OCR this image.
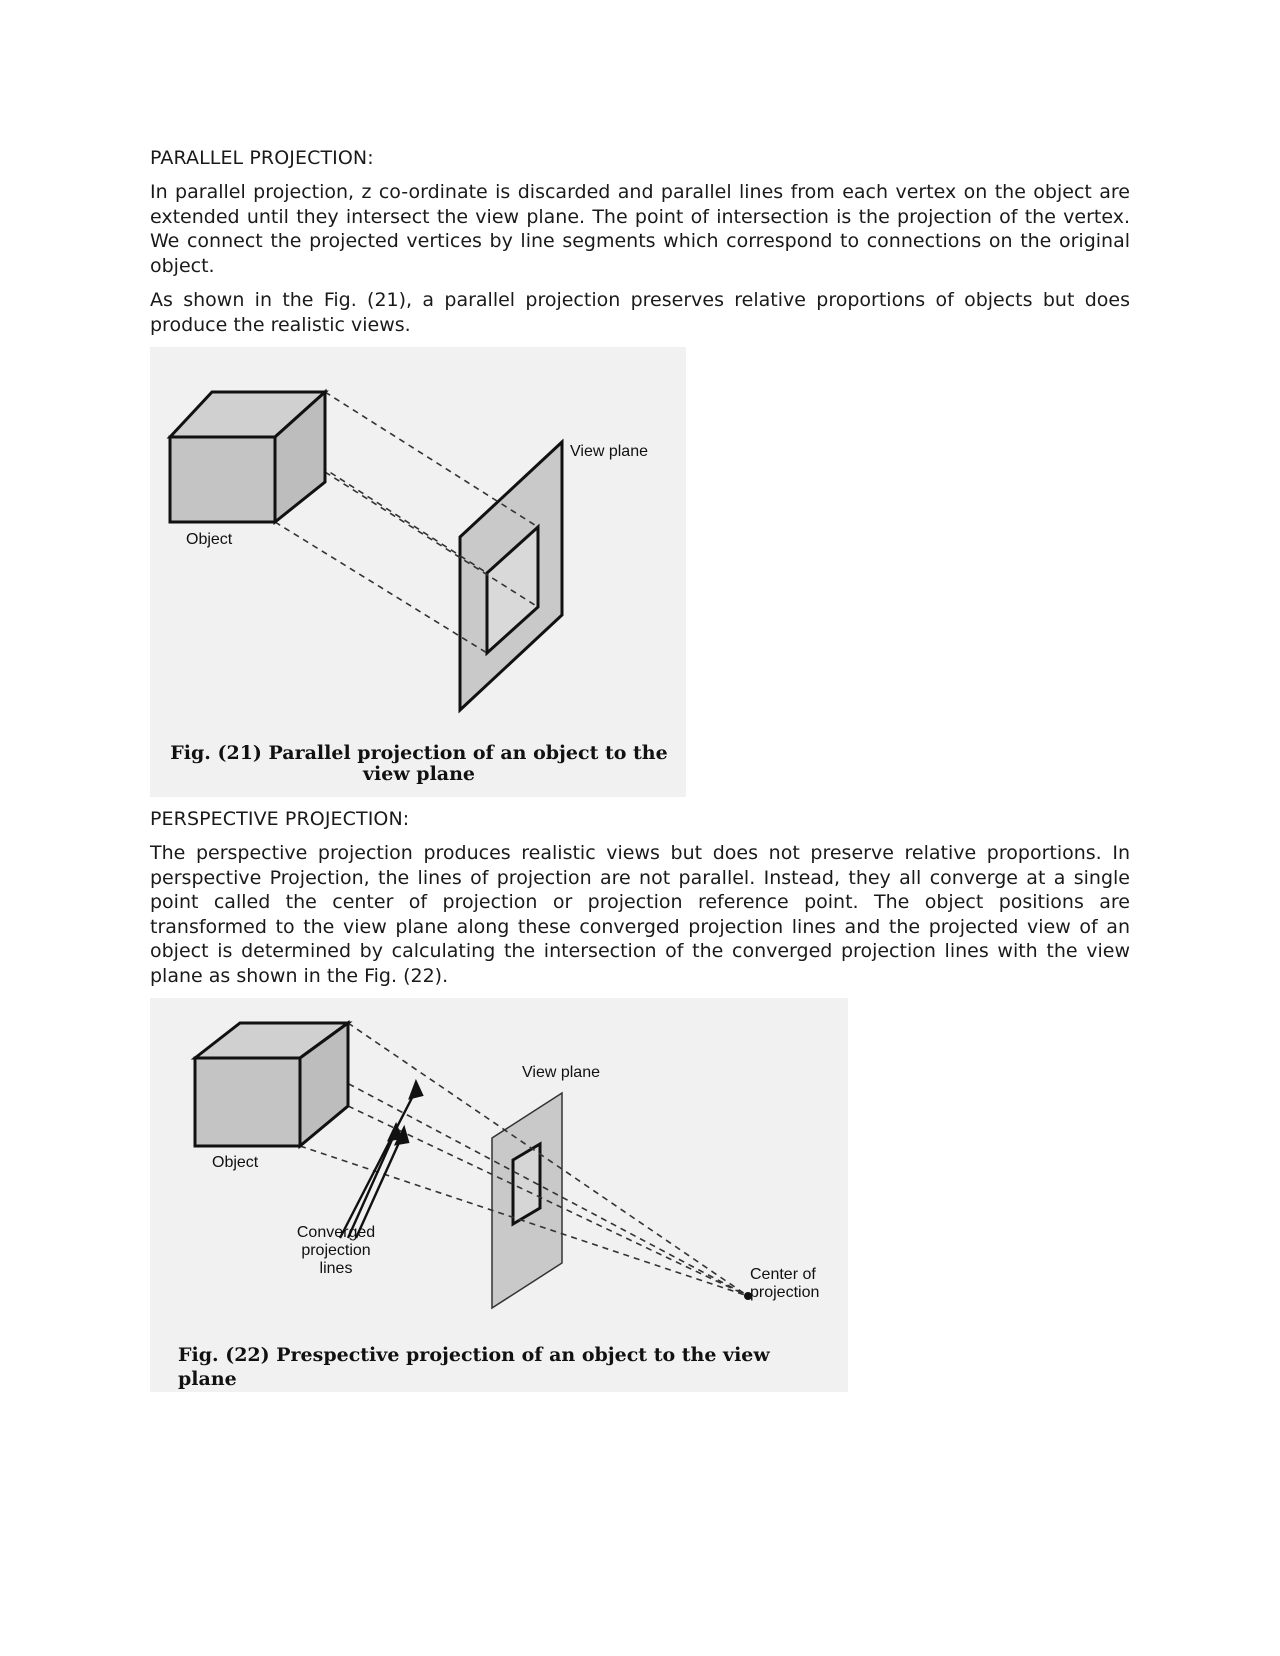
PARALLEL PROJECTION:

In parallel projection, z co-ordinate is discarded and parallel lines from each vertex on the object are extended until they intersect the view plane. The point of intersection is the projection of the vertex. We connect the projected vertices by line segments which correspond to connections on the original object.

As shown in the Fig. (21), a parallel projection preserves relative proportions of objects but does produce the realistic views.

Object
View plane
Fig. (21) Parallel projection of an object to the
view plane
PERSPECTIVE PROJECTION:

The perspective projection produces realistic views but does not preserve relative proportions. In perspective Projection, the lines of projection are not parallel. Instead, they all converge at a single point called the center of projection or projection reference point. The object positions are transformed to the view plane along these converged projection lines and the projected view of an object is determined by calculating the intersection of the converged projection lines with the view plane as shown in the Fig. (22).

Object
View plane
Converged
projection
lines	Center of
projection
Fig. (22) Prespective projection of an object to the view plane
